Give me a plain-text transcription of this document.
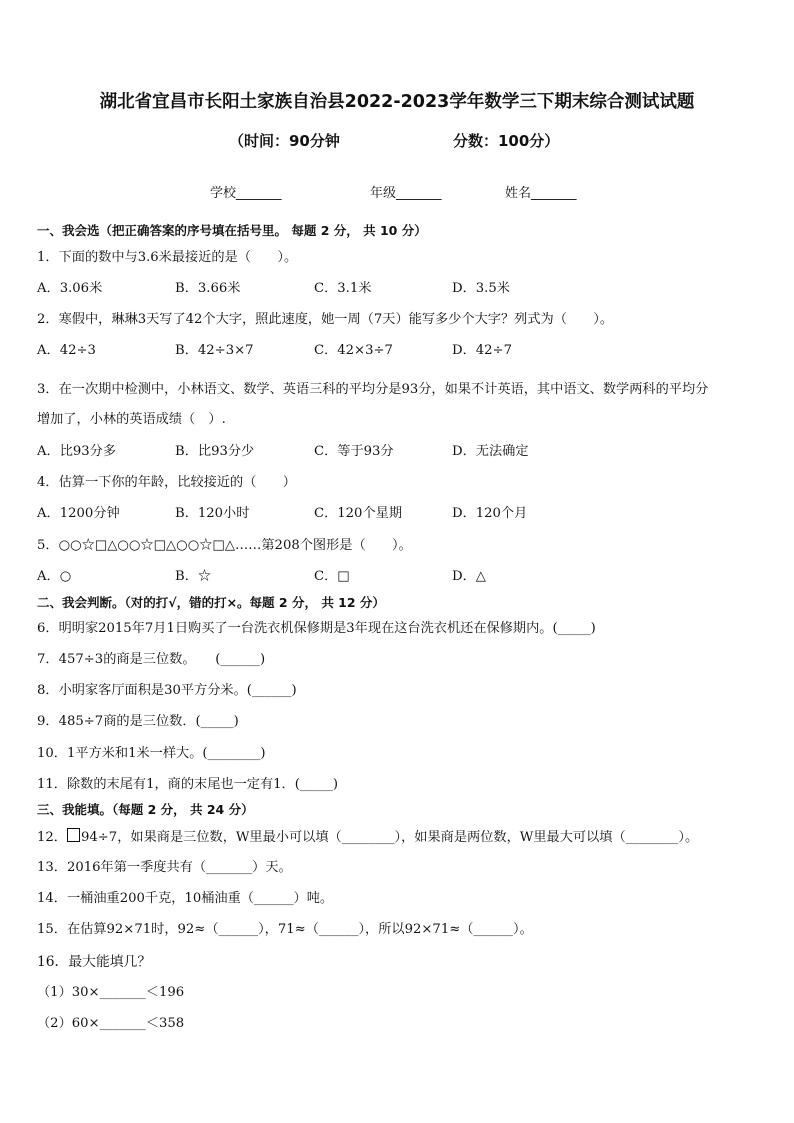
湖北省宜昌市长阳土家族自治县2022-2023学年数学三下期末综合测试试题
（时间：90分钟	分数：100分）
学校_______	年级_______	姓名_______
一、我会选（把正确答案的序号填在括号里。 每题 2 分， 共 10 分）
1．下面的数中与3.6米最接近的是（　　）。
A．3.06米	B．3.66米	C．3.1米	D．3.5米
2．寒假中，琳琳3天写了42个大字，照此速度，她一周（7天）能写多少个大字？列式为（　　）。
A．42÷3	B．42÷3×7	C．42×3÷7	D．42÷7
3．在一次期中检测中，小林语文、数学、英语三科的平均分是93分，如果不计英语，其中语文、数学两科的平均分
增加了，小林的英语成绩（　）.
A．比93分多	B．比93分少	C．等于93分	D．无法确定
4．估算一下你的年龄，比较接近的（　　）
A．1200分钟	B．120小时	C．120个星期	D．120个月
5．○○☆□△○○☆□△○○☆□△……第208个图形是（　　）。
A．○	B．☆	C．□	D．△
二、我会判断。（对的打√，错的打×。每题 2 分， 共 12 分）
6．明明家2015年7月1日购买了一台洗衣机保修期是3年现在这台洗衣机还在保修期内。(_____)
7．457÷3的商是三位数。　　(______)
8．小明家客厅面积是30平方分米。(______)
9．485÷7商的是三位数．(_____)
10．1平方米和1米一样大。(________)
11．除数的末尾有1，商的末尾也一定有1．(_____)
三、我能填。（每题 2 分， 共 24 分）
12． 94÷7，如果商是三位数，W里最小可以填（________），如果商是两位数，W里最大可以填（________）。
13．2016年第一季度共有（_______）天。
14．一桶油重200千克，10桶油重（______）吨。
15．在估算92×71时，92≈（______），71≈（______），所以92×71≈（______）。
16．最大能填几？
（1）30×_______＜196
（2）60×_______＜358
